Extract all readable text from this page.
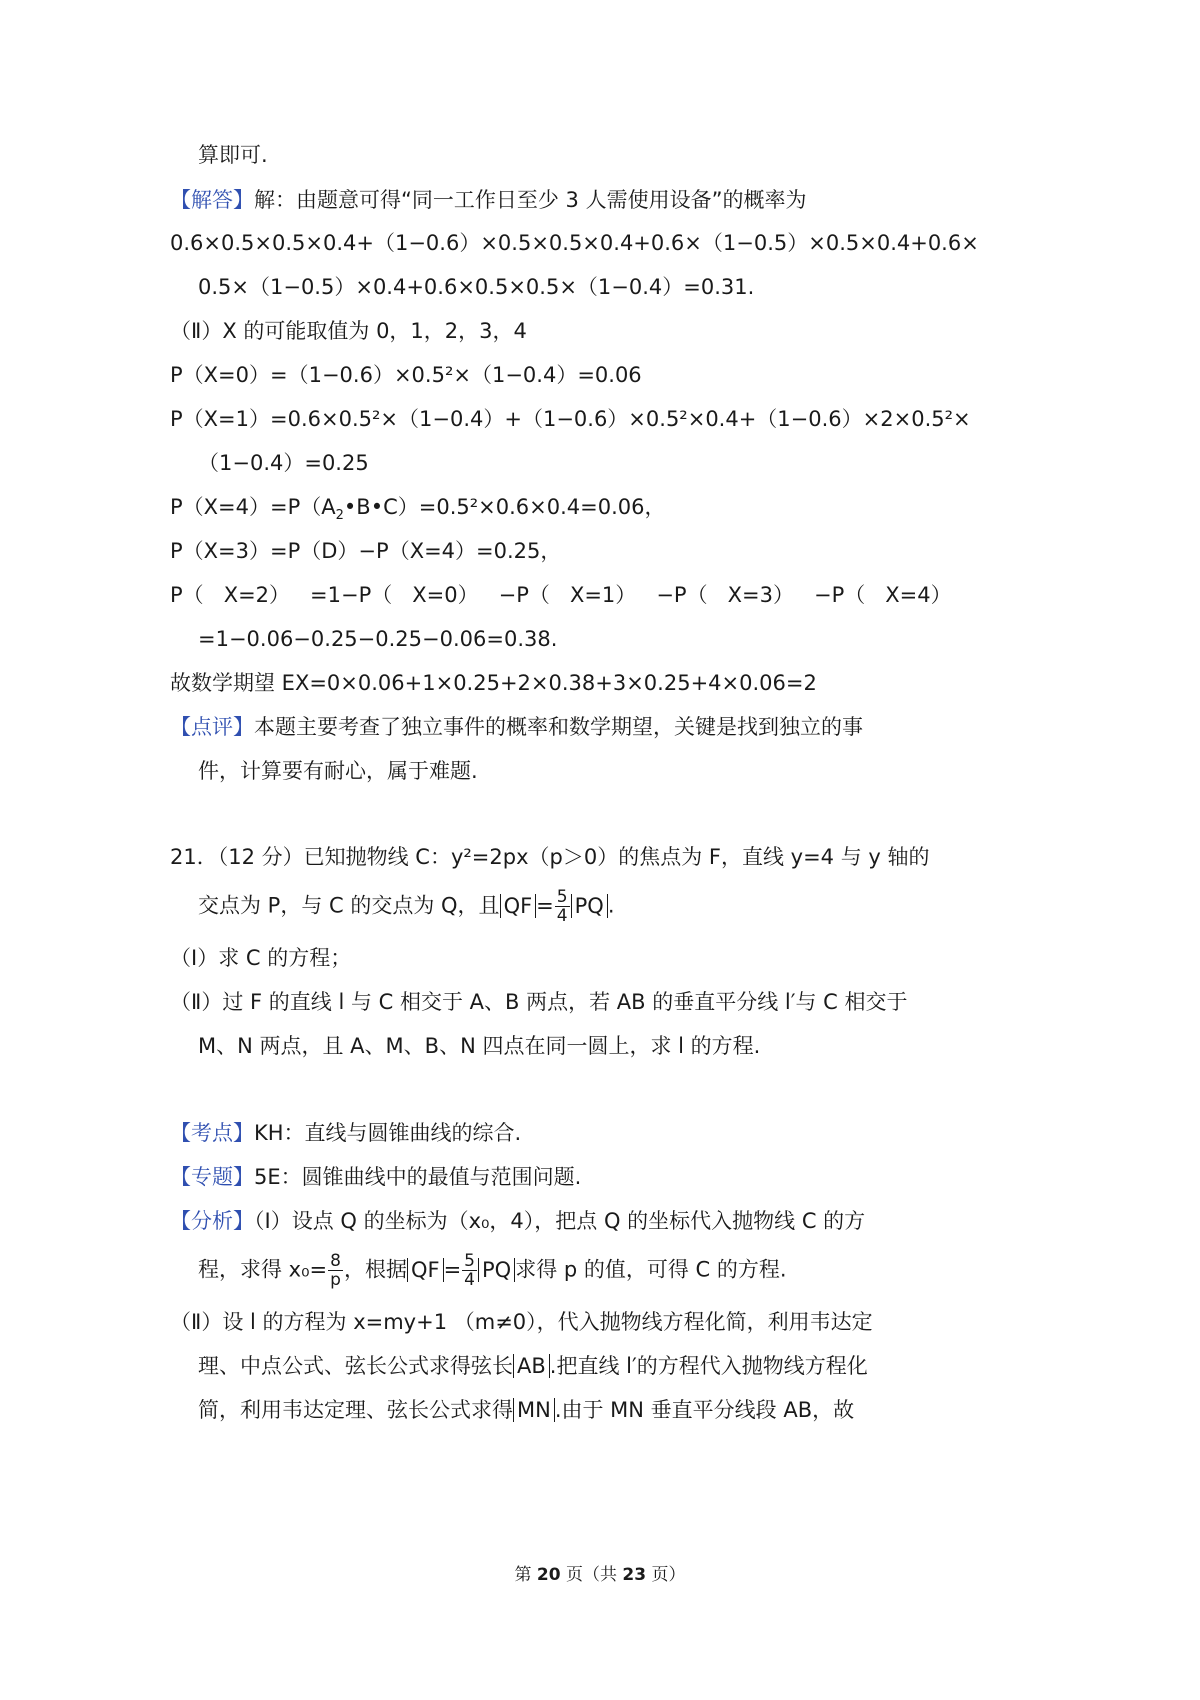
算即可.
【解答】解：由题意可得“同一工作日至少 3 人需使用设备”的概率为
0.6×0.5×0.5×0.4+（1−0.6）×0.5×0.5×0.4+0.6×（1−0.5）×0.5×0.4+0.6×
0.5×（1−0.5）×0.4+0.6×0.5×0.5×（1−0.4）=0.31.
（Ⅱ）X 的可能取值为 0，1，2，3，4
P（X=0）=（1−0.6）×0.5²×（1−0.4）=0.06
P（X=1）=0.6×0.5²×（1−0.4）+（1−0.6）×0.5²×0.4+（1−0.6）×2×0.5²×
（1−0.4）=0.25
$P(X=4)=P(A_2•B•C)=0.5^2\times 0.6\times 0.4=0.06$，
P（X=3）=P（D）−P（X=4）=0.25，
P（   X=2）   =1−P（   X=0）   −P（   X=1）   −P（   X=3）   −P（   X=4）
=1−0.06−0.25−0.25−0.06=0.38.
故数学期望 EX=0×0.06+1×0.25+2×0.38+3×0.25+4×0.06=2
【点评】本题主要考查了独立事件的概率和数学期望，关键是找到独立的事
件，计算要有耐心，属于难题.
21．（12 分）已知抛物线 C：y²=2px（p＞0）的焦点为 F，直线 y=4 与 y 轴的
交点为 P，与 C 的交点为 Q，且 QF = $\frac{5}{4}$ PQ .
（Ⅰ）求 C 的方程；
（Ⅱ）过 F 的直线 l 与 C 相交于 A、B 两点，若 AB 的垂直平分线 l′与 C 相交于
M、N 两点，且 A、M、B、N 四点在同一圆上，求 l 的方程.
【考点】KH：直线与圆锥曲线的综合.
【专题】5E：圆锥曲线中的最值与范围问题.
【分析】（Ⅰ）设点 Q 的坐标为（x₀，4），把点 Q 的坐标代入抛物线 C 的方
程，求得 $x_0= \frac{8}{p}$ ，根据 QF = $\frac{5}{4}$ PQ 求得 p 的值，可得 C 的方程.
（Ⅱ）设 l 的方程为 x=my+1 （m≠0），代入抛物线方程化简，利用韦达定
理、中点公式、弦长公式求得弦长 AB .把直线 l′的方程代入抛物线方程化
简，利用韦达定理、弦长公式求得 MN .由于 MN 垂直平分线段 AB，故
第 20 页（共 23 页）
